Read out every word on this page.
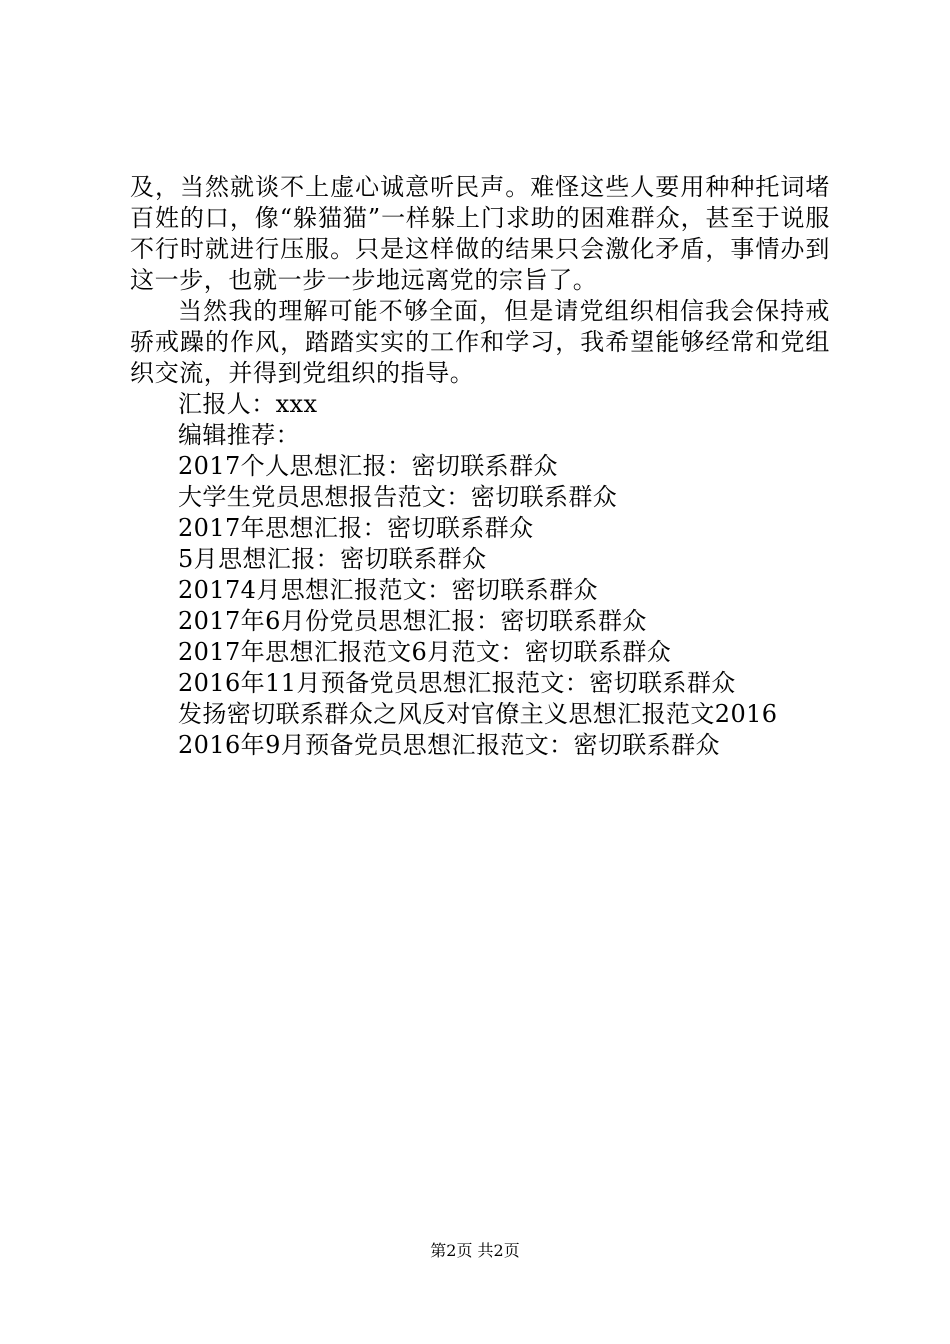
及，当然就谈不上虚心诚意听民声。难怪这些人要用种种托词堵百姓的口，像“躲猫猫”一样躲上门求助的困难群众，甚至于说服不行时就进行压服。只是这样做的结果只会激化矛盾，事情办到这一步，也就一步一步地远离党的宗旨了。

当然我的理解可能不够全面，但是请党组织相信我会保持戒骄戒躁的作风，踏踏实实的工作和学习，我希望能够经常和党组织交流，并得到党组织的指导。

汇报人：xxx

编辑推荐：

2017个人思想汇报：密切联系群众

大学生党员思想报告范文：密切联系群众

2017年思想汇报：密切联系群众

5月思想汇报：密切联系群众

20174月思想汇报范文：密切联系群众

2017年6月份党员思想汇报：密切联系群众

2017年思想汇报范文6月范文：密切联系群众

2016年11月预备党员思想汇报范文：密切联系群众

发扬密切联系群众之风反对官僚主义思想汇报范文2016

2016年9月预备党员思想汇报范文：密切联系群众

第2页 共2页
